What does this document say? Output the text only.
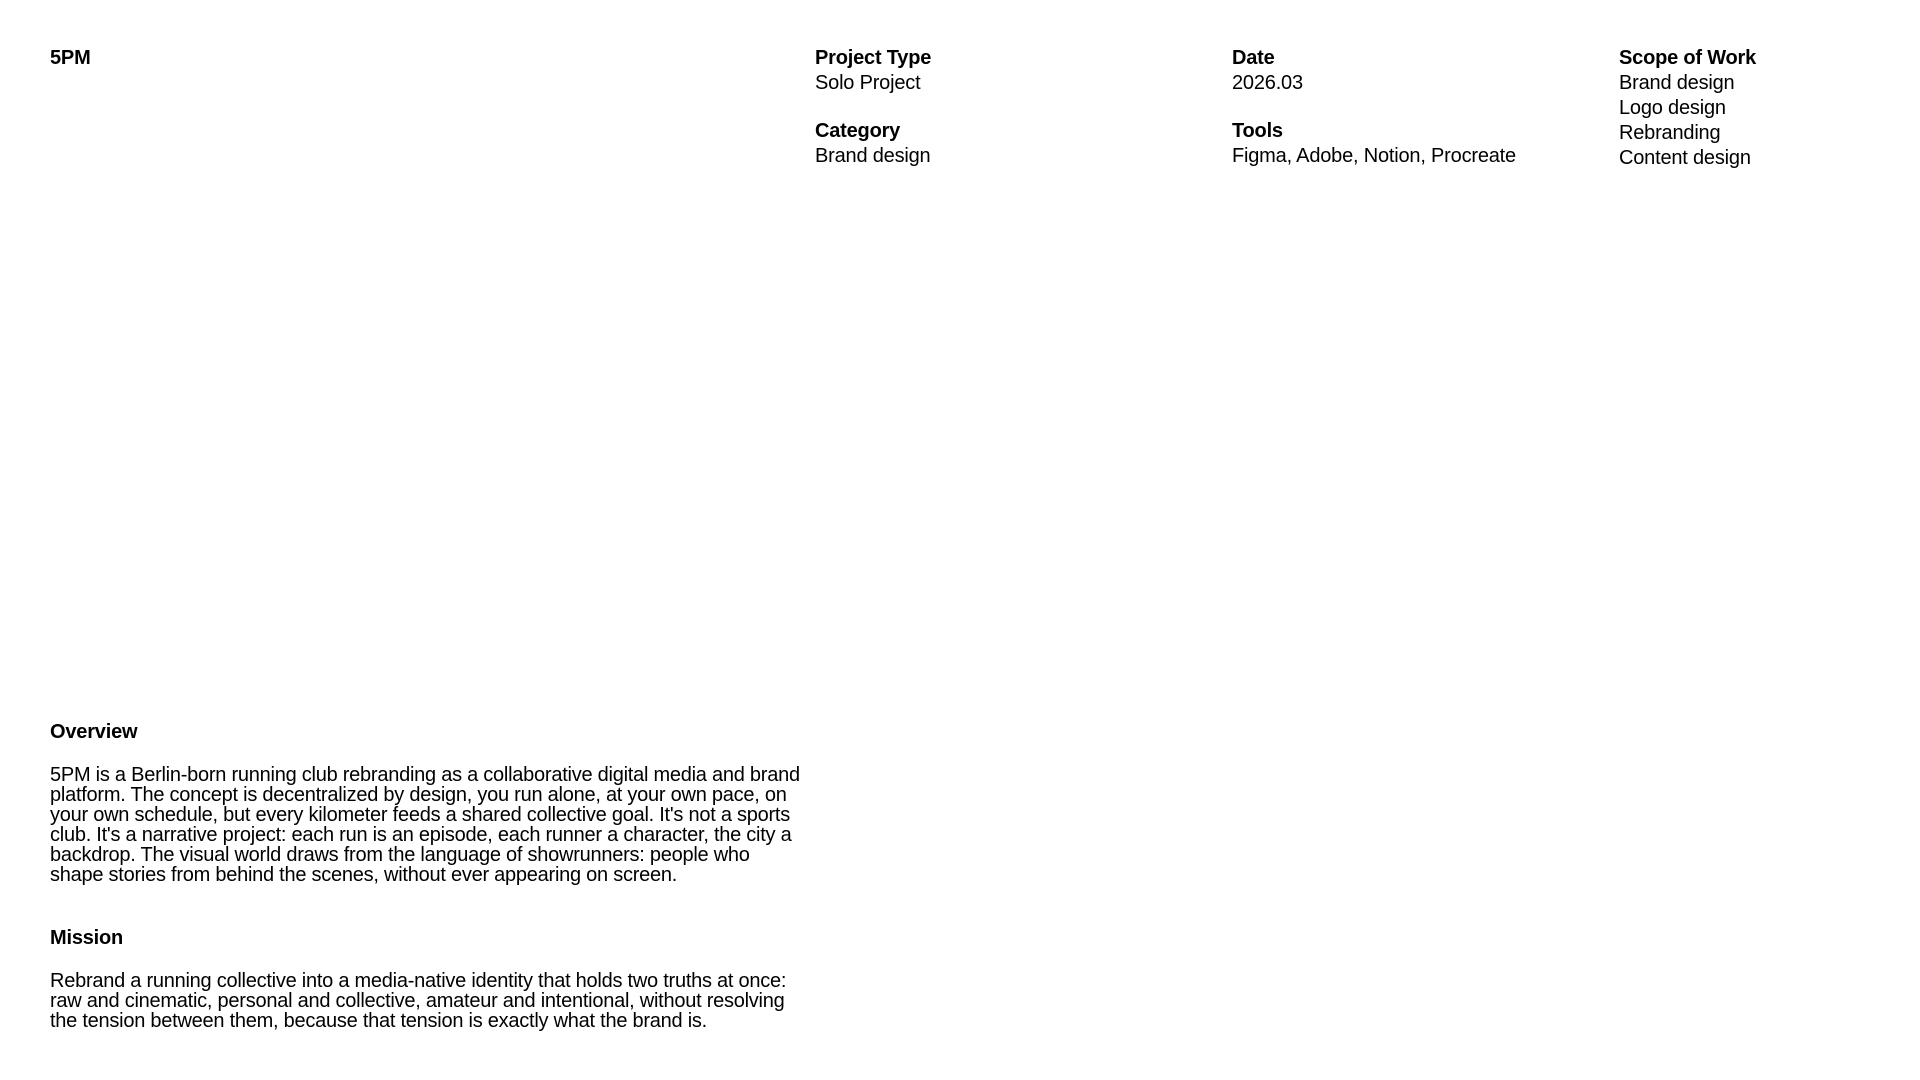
5PM	Project Type
Solo Project
Category
Brand design
Date
2026.03
Tools
Figma, Adobe, Notion, Procreate
Scope of Work
Brand design
Logo design
Rebranding
Content design
Overview

5PM is a Berlin-born running club rebranding as a collaborative digital media and brand platform. The concept is decentralized by design, you run alone, at your own pace, on your own schedule, but every kilometer feeds a shared collective goal. It's not a sports club. It's a narrative project: each run is an episode, each runner a character, the city a backdrop. The visual world draws from the language of showrunners: people who shape stories from behind the scenes, without ever appearing on screen.

Mission

Rebrand a running collective into a media-native identity that holds two truths at once: raw and cinematic, personal and collective, amateur and intentional, without resolving the tension between them, because that tension is exactly what the brand is.
